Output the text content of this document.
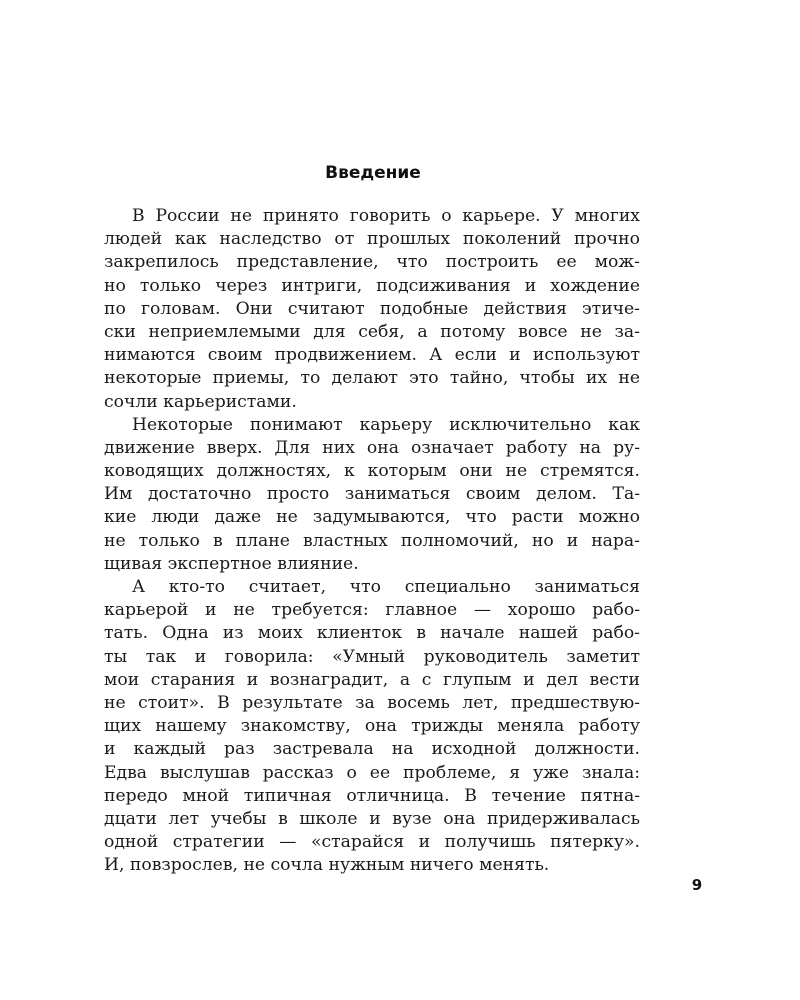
Введение
В России не принято говорить о карьере. У многих
людей как наследство от прошлых поколений прочно
закрепилось представление, что построить ее мож-
но только через интриги, подсиживания и хождение
по головам. Они считают подобные действия этиче-
ски неприемлемыми для себя, а потому вовсе не за-
нимаются своим продвижением. А если и используют
некоторые приемы, то делают это тайно, чтобы их не
сочли карьеристами.
Некоторые понимают карьеру исключительно как
движение вверх. Для них она означает работу на ру-
ководящих должностях, к которым они не стремятся.
Им достаточно просто заниматься своим делом. Та-
кие люди даже не задумываются, что расти можно
не только в плане властных полномочий, но и нара-
щивая экспертное влияние.
А кто-то считает, что специально заниматься
карьерой и не требуется: главное — хорошо рабо-
тать. Одна из моих клиенток в начале нашей рабо-
ты так и говорила: «Умный руководитель заметит
мои старания и вознаградит, а с глупым и дел вести
не стоит». В результате за восемь лет, предшествую-
щих нашему знакомству, она трижды меняла работу
и каждый раз застревала на исходной должности.
Едва выслушав рассказ о ее проблеме, я уже знала:
передо мной типичная отличница. В течение пятна-
дцати лет учебы в школе и вузе она придерживалась
одной стратегии — «старайся и получишь пятерку».
И, повзрослев, не сочла нужным ничего менять.
9
